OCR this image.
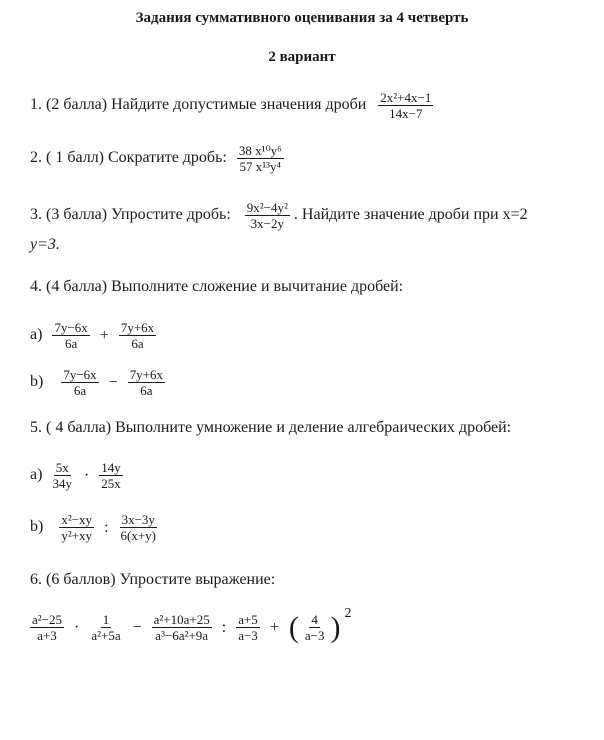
Задания суммативного оценивания за 4 четверть
2 вариант
1. (2 балла) Найдите допустимые значения дроби $\frac{\text{2x²+4x−1}}{14x-7}$
2. ( 1 балл) Сократите дробь: $\frac{\text{38 x¹⁰y⁶}}{\text{57 x¹³y⁴}}$
3. (3 балла) Упростите дробь: $\frac{\text{9x²−4y²}}{3x-2y}$ . Найдите значение дроби при x=2
y=3.
4. (4 балла) Выполните сложение и вычитание дробей:
$a) \frac{7y-6x}{6a} + \frac{7y+6x}{6a}$
$b) \frac{7y-6x}{6a} - \frac{7y+6x}{6a}$
5. ( 4 балла) Выполните умножение и деление алгебраических дробей:
$a) \frac{5x}{34y} \cdot \frac{14y}{25x}$
$b) \frac{\text{x²−xy}}{\text{y²+xy}}$ : $\frac{3x-3y}{6(x+y)}$
6. (6 баллов) Упростите выражение:
$\frac{\text{a²−25}}{a+3} \cdot \frac{1}{\text{a²+5a}} - \frac{\text{a²+10a+25}}{\text{a³−6a²+9a}}$ : $\frac{a+5}{a-3}$ + ( $\frac{4}{a-3}$ ) 2
